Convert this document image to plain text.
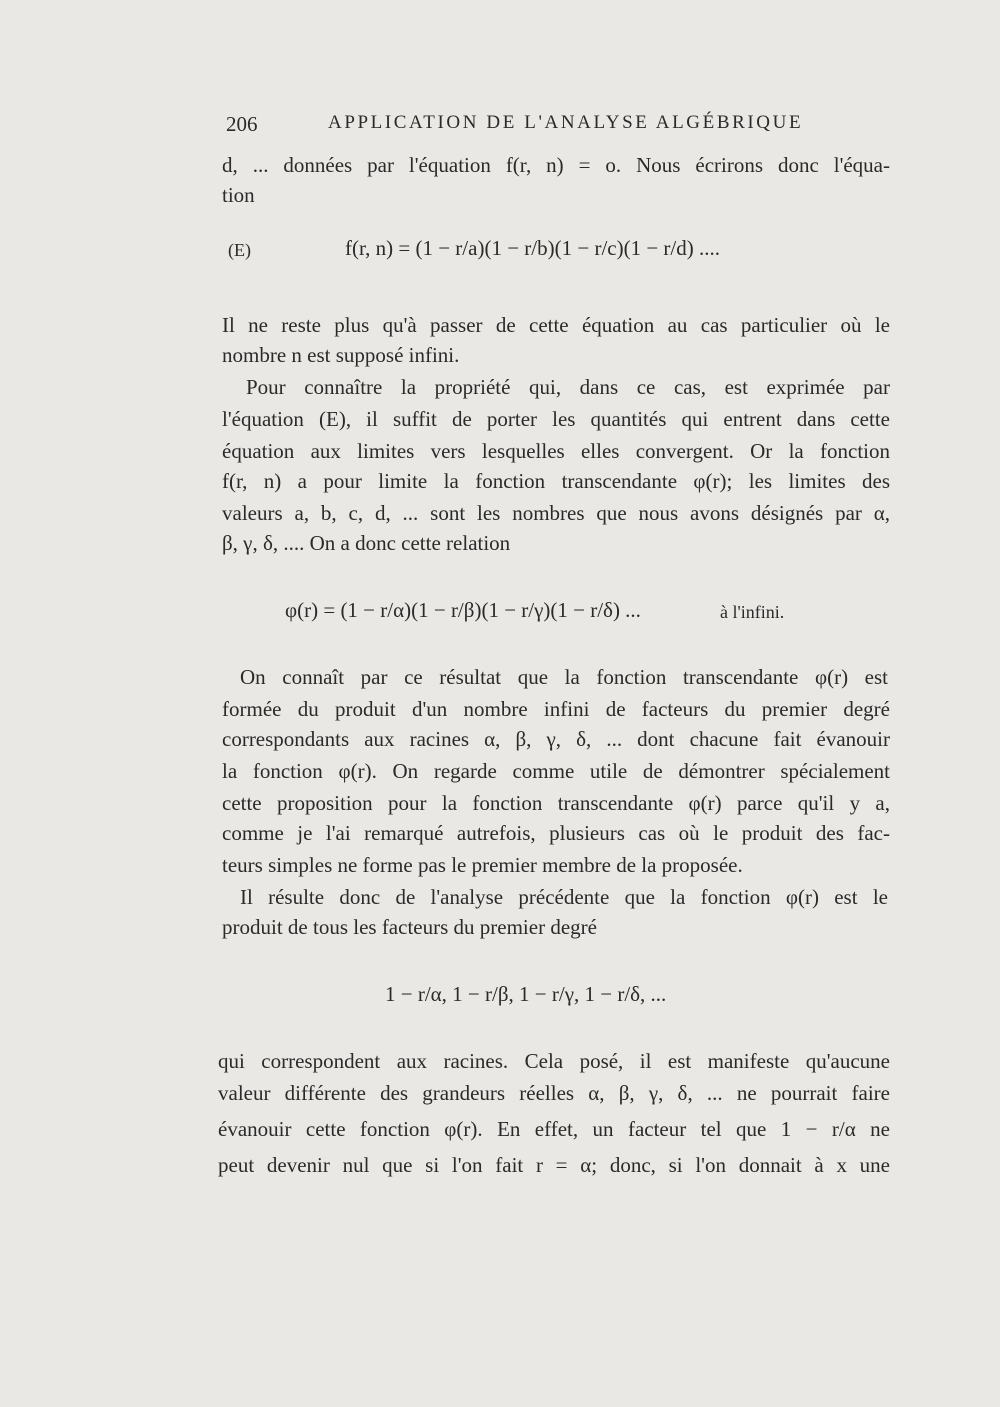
206	APPLICATION DE L'ANALYSE ALGÉBRIQUE
d, ... données par l'équation f(r, n) = o. Nous écrirons donc l'équa-
tion
(E)	f(r, n) = (1 − r/a)(1 − r/b)(1 − r/c)(1 − r/d) ....
Il ne reste plus qu'à passer de cette équation au cas particulier où le
nombre n est supposé infini.
Pour connaître la propriété qui, dans ce cas, est exprimée par
l'équation (E), il suffit de porter les quantités qui entrent dans cette
équation aux limites vers lesquelles elles convergent. Or la fonction
f(r, n) a pour limite la fonction transcendante φ(r); les limites des
valeurs a, b, c, d, ... sont les nombres que nous avons désignés par α,
β, γ, δ, .... On a donc cette relation
φ(r) = (1 − r/α)(1 − r/β)(1 − r/γ)(1 − r/δ) ...	à l'infini.
On connaît par ce résultat que la fonction transcendante φ(r) est
formée du produit d'un nombre infini de facteurs du premier degré
correspondants aux racines α, β, γ, δ, ... dont chacune fait évanouir
la fonction φ(r). On regarde comme utile de démontrer spécialement
cette proposition pour la fonction transcendante φ(r) parce qu'il y a,
comme je l'ai remarqué autrefois, plusieurs cas où le produit des fac-
teurs simples ne forme pas le premier membre de la proposée.
Il résulte donc de l'analyse précédente que la fonction φ(r) est le
produit de tous les facteurs du premier degré
1 − r/α, 1 − r/β, 1 − r/γ, 1 − r/δ, ...
qui correspondent aux racines. Cela posé, il est manifeste qu'aucune
valeur différente des grandeurs réelles α, β, γ, δ, ... ne pourrait faire
évanouir cette fonction φ(r). En effet, un facteur tel que 1 − r/α ne
peut devenir nul que si l'on fait r = α; donc, si l'on donnait à x une
